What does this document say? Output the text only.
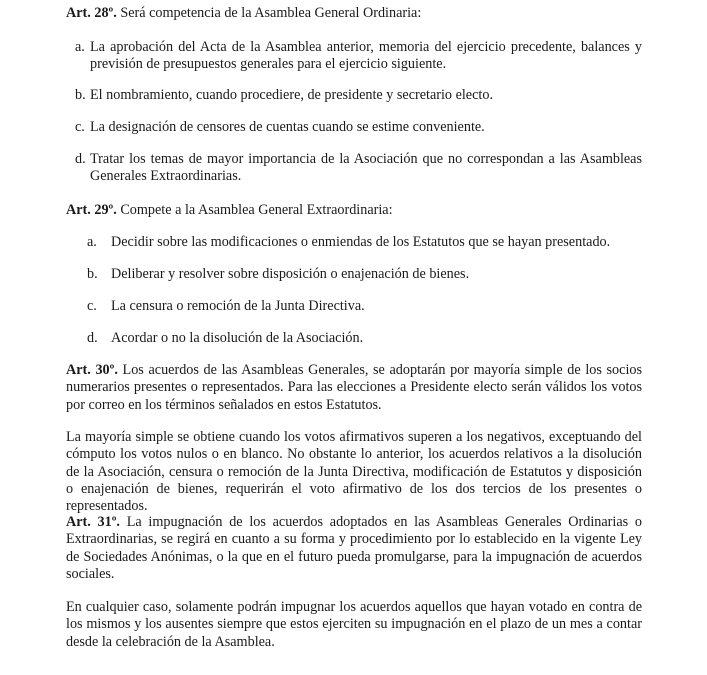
Art. 28º. Será competencia de la Asamblea General Ordinaria:
a. La aprobación del Acta de la Asamblea anterior, memoria del ejercicio precedente, balances y previsión de presupuestos generales para el ejercicio siguiente.
b. El nombramiento, cuando procediere, de presidente y secretario electo.
c. La designación de censores de cuentas cuando se estime conveniente.
d. Tratar los temas de mayor importancia de la Asociación que no correspondan a las Asambleas Generales Extraordinarias.
Art. 29º. Compete a la Asamblea General Extraordinaria:
a. Decidir sobre las modificaciones o enmiendas de los Estatutos que se hayan presentado.
b. Deliberar y resolver sobre disposición o enajenación de bienes.
c. La censura o remoción de la Junta Directiva.
d. Acordar o no la disolución de la Asociación.
Art. 30º. Los acuerdos de las Asambleas Generales, se adoptarán por mayoría simple de los socios numerarios presentes o representados. Para las elecciones a Presidente electo serán válidos los votos por correo en los términos señalados en estos Estatutos.
La mayoría simple se obtiene cuando los votos afirmativos superen a los negativos, exceptuando del cómputo los votos nulos o en blanco. No obstante lo anterior, los acuerdos relativos a la disolución de la Asociación, censura o remoción de la Junta Directiva, modificación de Estatutos y disposición o enajenación de bienes, requerirán el voto afirmativo de los dos tercios de los presentes o representados.
Art. 31º. La impugnación de los acuerdos adoptados en las Asambleas Generales Ordinarias o Extraordinarias, se regirá en cuanto a su forma y procedimiento por lo establecido en la vigente Ley de Sociedades Anónimas, o la que en el futuro pueda promulgarse, para la impugnación de acuerdos sociales.
En cualquier caso, solamente podrán impugnar los acuerdos aquellos que hayan votado en contra de los mismos y los ausentes siempre que estos ejerciten su impugnación en el plazo de un mes a contar desde la celebración de la Asamblea.
